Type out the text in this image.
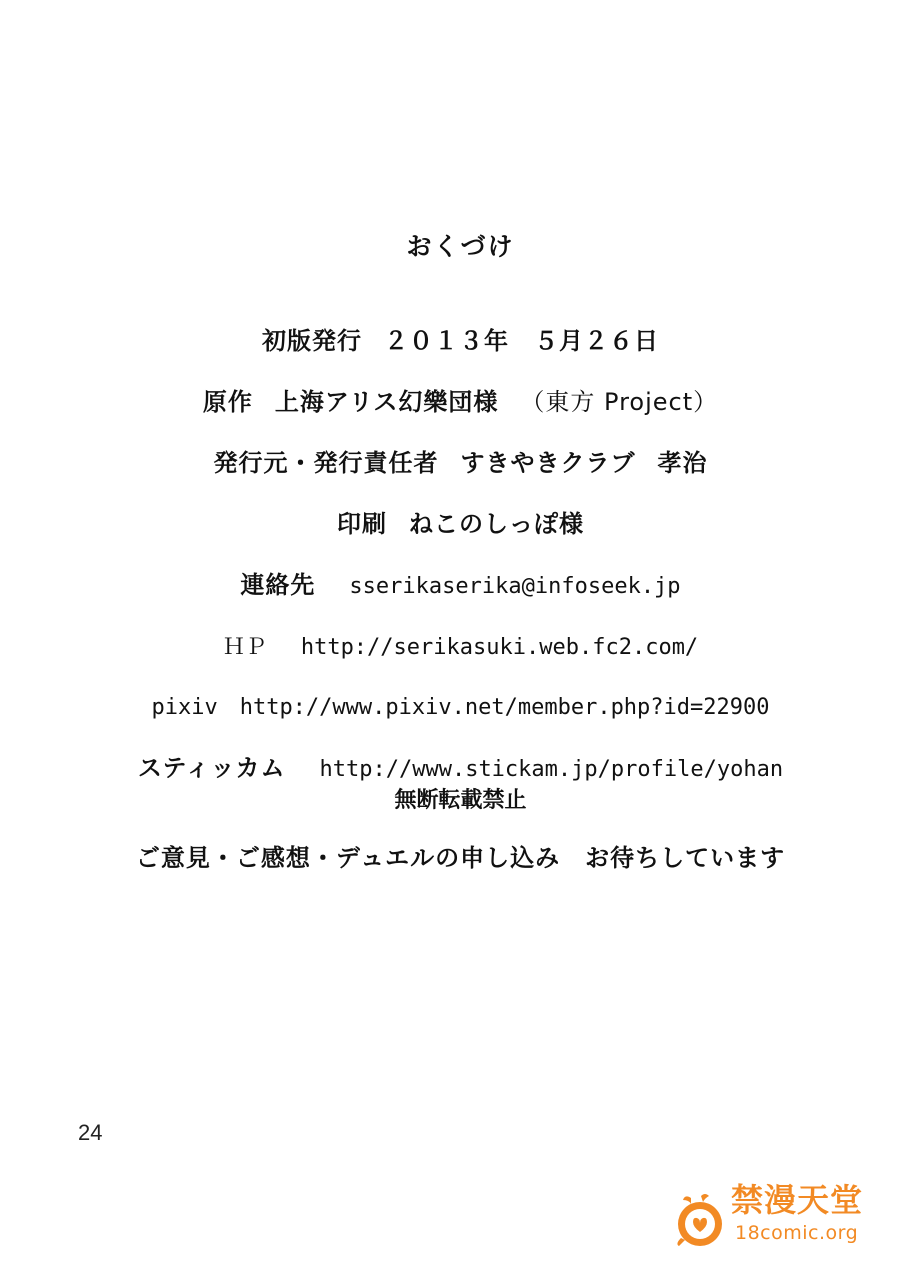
おくづけ
初版発行 ２０１３年　５月２６日
原作 上海アリス幻樂団様 （東方 Project）
発行元・発行責任者 すきやきクラブ 孝治
印刷 ねこのしっぽ様
連絡先 sserikaserika@infoseek.jp
ＨＰ http://serikasuki.web.fc2.com/
pixiv http://www.pixiv.net/member.php?id=22900
スティッカム http://www.stickam.jp/profile/yohan
無断転載禁止
ご意見・ご感想・デュエルの申し込み　お待ちしています
24
禁漫天堂
18comic.org
